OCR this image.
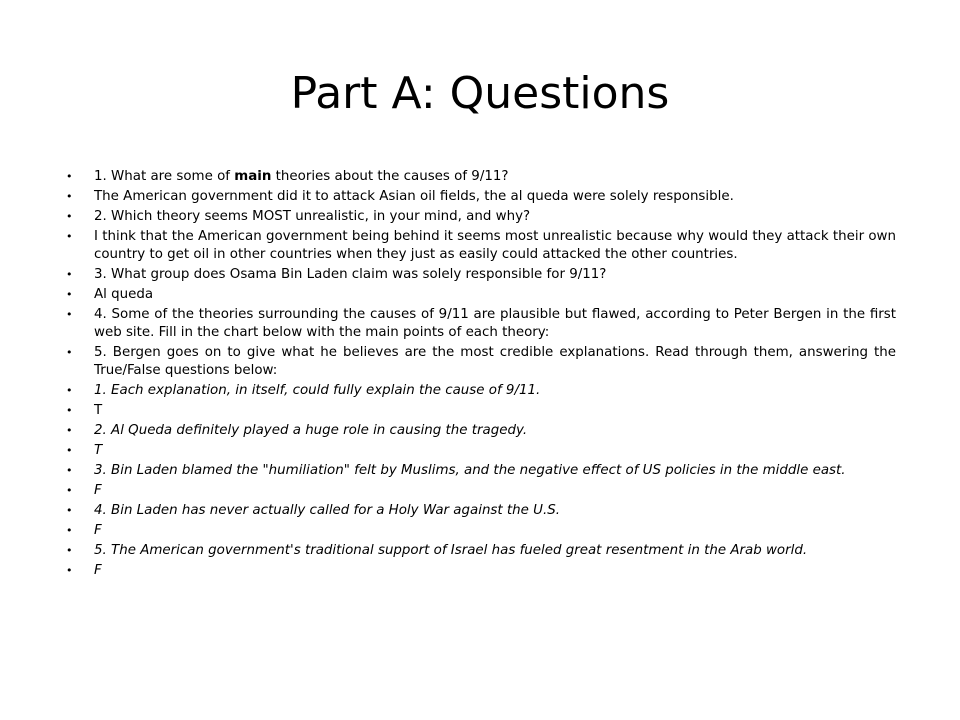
Part A: Questions
• 1. What are some of main theories about the causes of 9/11?
• The American government did it to attack Asian oil fields, the al queda were solely responsible.
• 2. Which theory seems MOST unrealistic, in your mind, and why?
• I think that the American government being behind it seems most unrealistic because why would they attack their own country to get oil in other countries when they just as easily could attacked the other countries.
• 3. What group does Osama Bin Laden claim was solely responsible for 9/11?
• Al queda
• 4. Some of the theories surrounding the causes of 9/11 are plausible but flawed, according to Peter Bergen in the first web site. Fill in the chart below with the main points of each theory:
• 5. Bergen goes on to give what he believes are the most credible explanations. Read through them, answering the True/False questions below:
• 1. Each explanation, in itself, could fully explain the cause of 9/11.
• T
• 2. Al Queda definitely played a huge role in causing the tragedy.
• T
• 3. Bin Laden blamed the "humiliation" felt by Muslims, and the negative effect of US policies in the middle east.
• F
• 4. Bin Laden has never actually called for a Holy War against the U.S.
• F
• 5. The American government's traditional support of Israel has fueled great resentment in the Arab world.
• F
